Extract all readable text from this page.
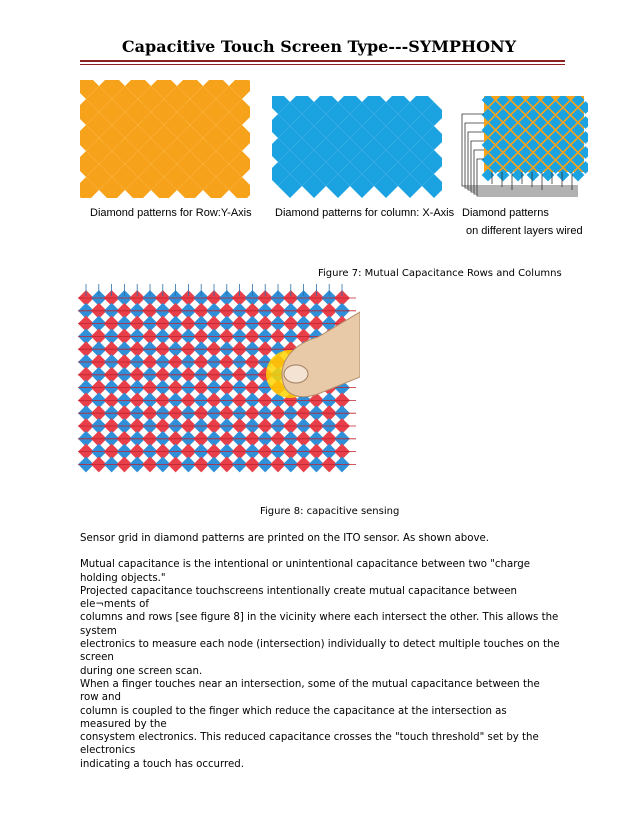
Capacitive Touch Screen Type---SYMPHONY

Diamond patterns for Row:Y-Axis Diamond patterns for column: X-Axis Diamond patterns

on different layers wired

Figure 7: Mutual Capacitance Rows and Columns

Figure 8: capacitive sensing

Sensor grid in diamond patterns are printed on the ITO sensor. As shown above.

Mutual capacitance is the intentional or unintentional capacitance between two "charge holding objects."
Projected capacitance touchscreens intentionally create mutual capacitance between ele¬ments of
columns and rows [see figure 8] in the vicinity where each intersect the other. This allows the system
electronics to measure each node (intersection) individually to detect multiple touches on the screen
during one screen scan.
When a finger touches near an intersection, some of the mutual capacitance between the row and
column is coupled to the finger which reduce the capacitance at the intersection as measured by the
consystem electronics. This reduced capacitance crosses the "touch threshold" set by the electronics
indicating a touch has occurred.
